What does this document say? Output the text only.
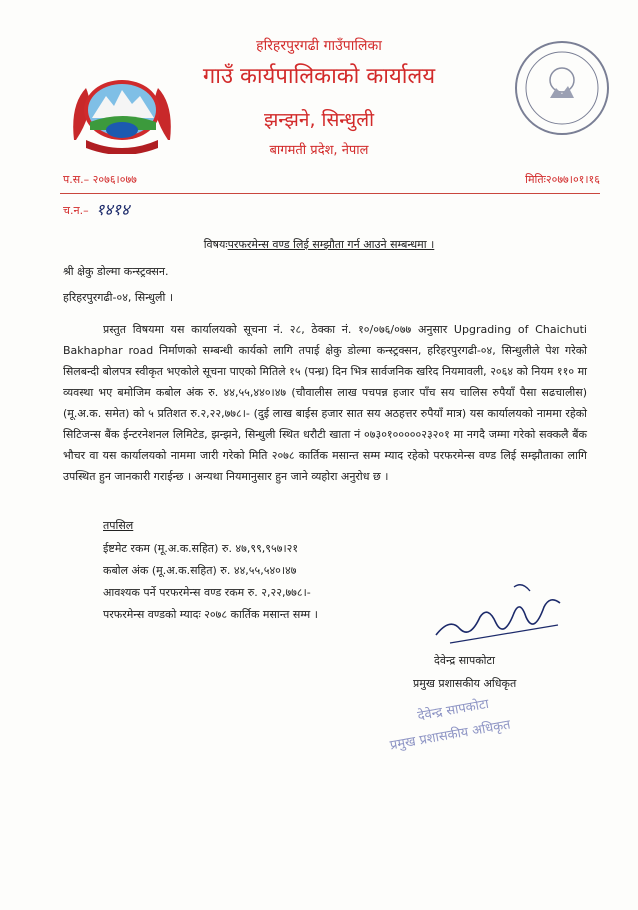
हरिहरपुरगढी गाउँपालिका
गाउँ कार्यपालिकाको कार्यालय
झन्झने, सिन्धुली
बागमती प्रदेश, नेपाल
प.स.– २०७६।०७७	मितिः२०७७।०१।१६
च.न.– १४१४
विषयःपरफरमेन्स वण्ड लिई सम्झौता गर्न आउने सम्बन्धमा ।
श्री क्षेकु डोल्मा कन्स्ट्रक्सन.
हरिहरपुरगढी-०४, सिन्धुली ।
प्रस्तुत विषयमा यस कार्यालयको सूचना नं. २८, ठेक्का नं. १०/०७६/०७७ अनुसार Upgrading of Chaichuti Bakhaphar road निर्माणको सम्बन्धी कार्यको लागि तपाई क्षेकु डोल्मा कन्स्ट्रक्सन, हरिहरपुरगढी-०४, सिन्धुलीले पेश गरेको सिलबन्दी बोलपत्र स्वीकृत भएकोले सूचना पाएको मितिले १५ (पन्ध्र) दिन भित्र सार्वजनिक खरिद नियमावली, २०६४ को नियम ११० मा व्यवस्था भए बमोजिम कबोल अंक रु. ४४,५५,४४०।४७ (चौवालीस लाख पचपन्न हजार पाँच सय चालिस रुपैयाँ पैसा सढचालीस) (मू.अ.क. समेत) को ५ प्रतिशत रु.२,२२,७७८।- (दुई लाख बाईस हजार सात सय अठहत्तर रुपैयाँ मात्र) यस कार्यालयको नाममा रहेको सिटिजन्स बैंक ईन्टरनेशनल लिमिटेड, झन्झने, सिन्धुली स्थित धरौटी खाता नं ०७३०१०००००२३२०१ मा नगदै जम्मा गरेको सक्कलै बैंक भौचर वा यस कार्यालयको नाममा जारी गरेको मिति २०७८ कार्तिक मसान्त सम्म म्याद रहेको परफरमेन्स वण्ड लिई सम्झौताका लागि उपस्थित हुन जानकारी गराईन्छ । अन्यथा नियमानुसार हुन जाने व्यहोरा अनुरोध छ ।
तपसिल
ईष्टमेट रकम (मू.अ.क.सहित) रु. ४७,९९,९५७।२१
कबोल अंक (मू.अ.क.सहित) रु. ४४,५५,५४०।४७
आवश्यक पर्ने परफरमेन्स वण्ड रकम रु. २,२२,७७८।-
परफरमेन्स वण्डको म्यादः २०७८ कार्तिक मसान्त सम्म ।
देवेन्द्र सापकोटा
प्रमुख प्रशासकीय अधिकृत
देवेन्द्र सापकोटा
प्रमुख प्रशासकीय अधिकृत
